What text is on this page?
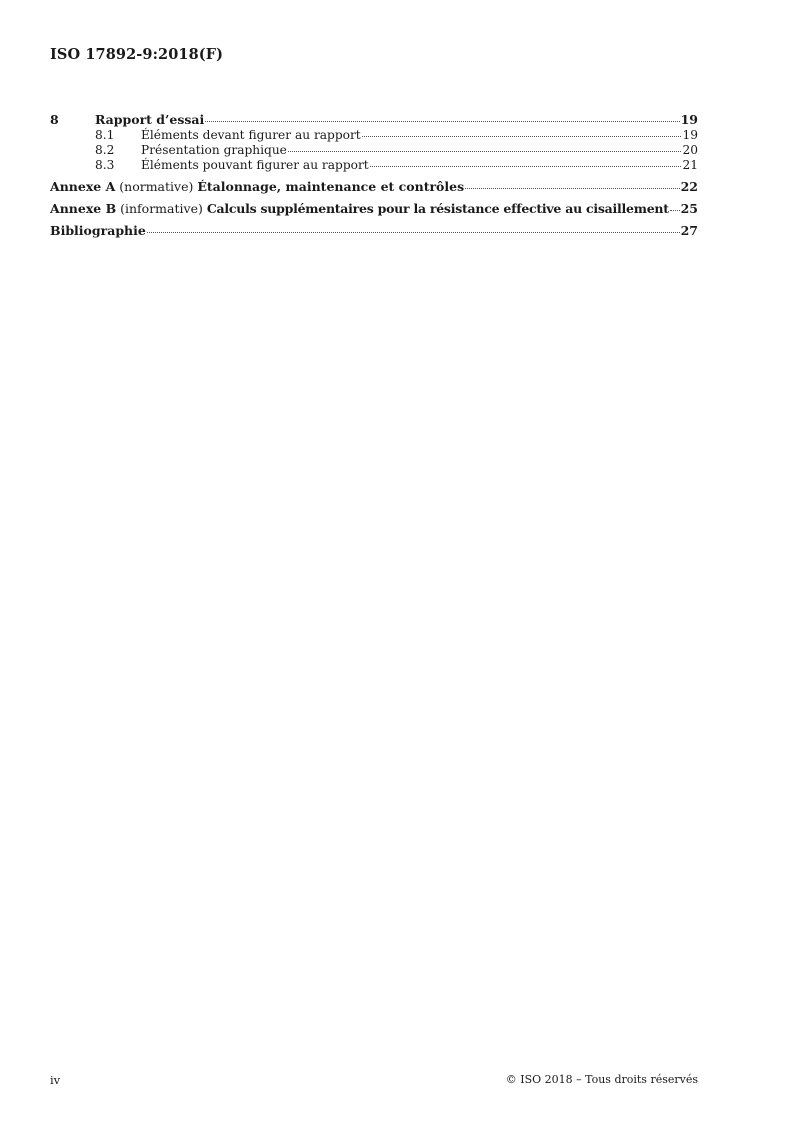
ISO 17892-9:2018(F)
8	Rapport d’essai	19
8.1	Éléments devant figurer au rapport	19
8.2	Présentation graphique	20
8.3	Éléments pouvant figurer au rapport	21
Annexe A (normative) Étalonnage, maintenance et contrôles	22
Annexe B (informative) Calculs supplémentaires pour la résistance effective au cisaillement 25
Bibliographie	27
iv	© ISO 2018 – Tous droits réservés
